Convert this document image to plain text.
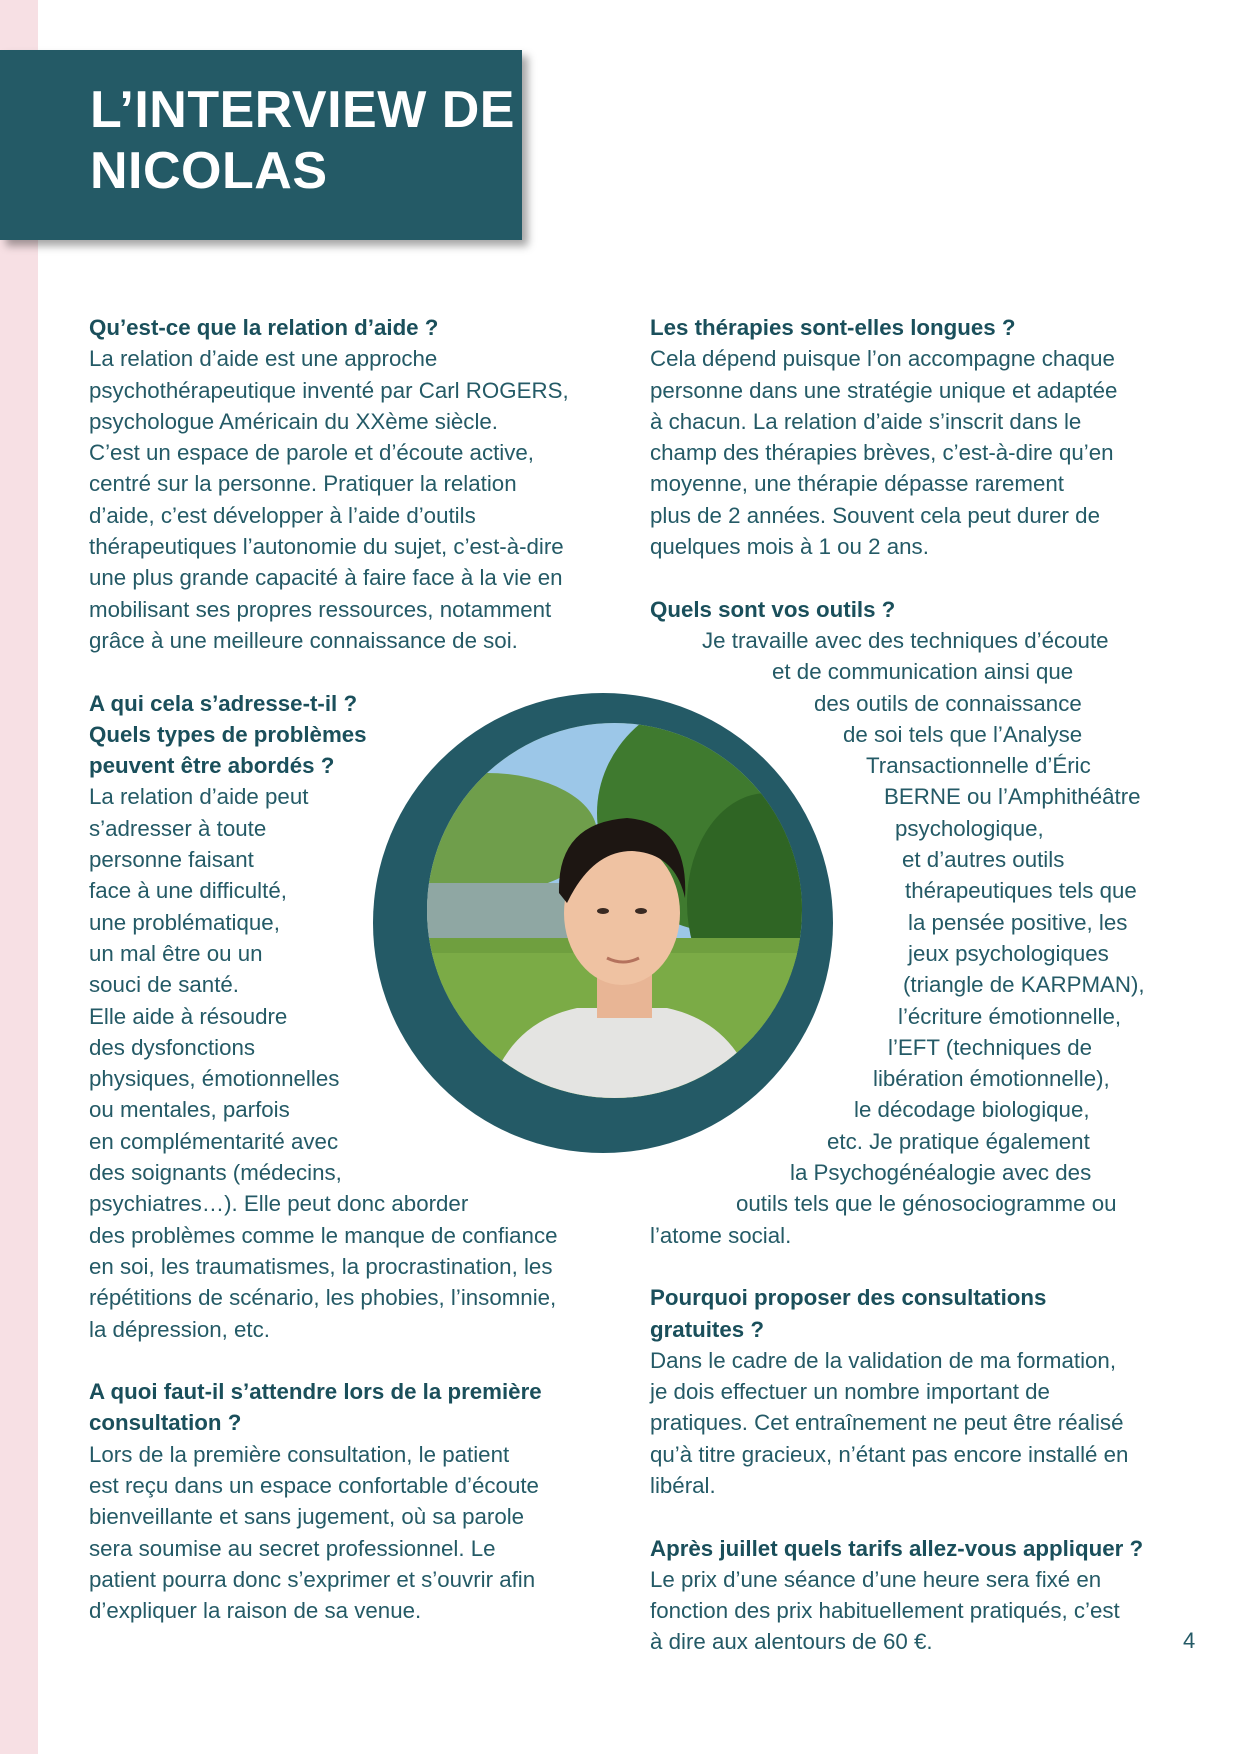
L’INTERVIEW DE
NICOLAS

Qu’est-ce que la relation d’aide ?

La relation d’aide est une approche
psychothérapeutique inventé par Carl ROGERS,
psychologue Américain du XXème siècle.
C’est un espace de parole et d’écoute active,
centré sur la personne. Pratiquer la relation
d’aide, c’est développer à l’aide d’outils
thérapeutiques l’autonomie du sujet, c’est-à-dire
une plus grande capacité à faire face à la vie en
mobilisant ses propres ressources, notamment
grâce à une meilleure connaissance de soi.

A qui cela s’adresse-t-il ?
Quels types de problèmes
peuvent être abordés ?

La relation d’aide peut
s’adresser à toute
personne faisant
face à une difficulté,
une problématique,
un mal être ou un
souci de santé.
Elle aide à résoudre
des dysfonctions
physiques, émotionnelles
ou mentales, parfois
en complémentarité avec
des soignants (médecins,
psychiatres…). Elle peut donc aborder
des problèmes comme le manque de confiance
en soi, les traumatismes, la procrastination, les
répétitions de scénario, les phobies, l’insomnie,
la dépression, etc.

A quoi faut-il s’attendre lors de la première
consultation ?

Lors de la première consultation, le patient
est reçu dans un espace confortable d’écoute
bienveillante et sans jugement, où sa parole
sera soumise au secret professionnel. Le
patient pourra donc s’exprimer et s’ouvrir afin
d’expliquer la raison de sa venue.

Les thérapies sont-elles longues ?

Cela dépend puisque l’on accompagne chaque
personne dans une stratégie unique et adaptée
à chacun. La relation d’aide s’inscrit dans le
champ des thérapies brèves, c’est-à-dire qu’en
moyenne, une thérapie dépasse rarement
plus de 2 années. Souvent cela peut durer de
quelques mois à 1 ou 2 ans.

Quels sont vos outils ?

Je travaille avec des techniques d’écoute
et de communication ainsi que
des outils de connaissance
de soi tels que l’Analyse
Transactionnelle d’Éric
BERNE ou l’Amphithéâtre
psychologique,
et d’autres outils
thérapeutiques tels que
la pensée positive, les
jeux psychologiques
(triangle de KARPMAN),
l’écriture émotionnelle,
l’EFT (techniques de
libération émotionnelle),
le décodage biologique,
etc. Je pratique également
la Psychogénéalogie avec des
outils tels que le génosociogramme ou
l’atome social.

Pourquoi proposer des consultations
gratuites ?

Dans le cadre de la validation de ma formation,
je dois effectuer un nombre important de
pratiques. Cet entraînement ne peut être réalisé
qu’à titre gracieux, n’étant pas encore installé en
libéral.

Après juillet quels tarifs allez-vous appliquer ?

Le prix d’une séance d’une heure sera fixé en
fonction des prix habituellement pratiqués, c’est
à dire aux alentours de 60 €.	4
